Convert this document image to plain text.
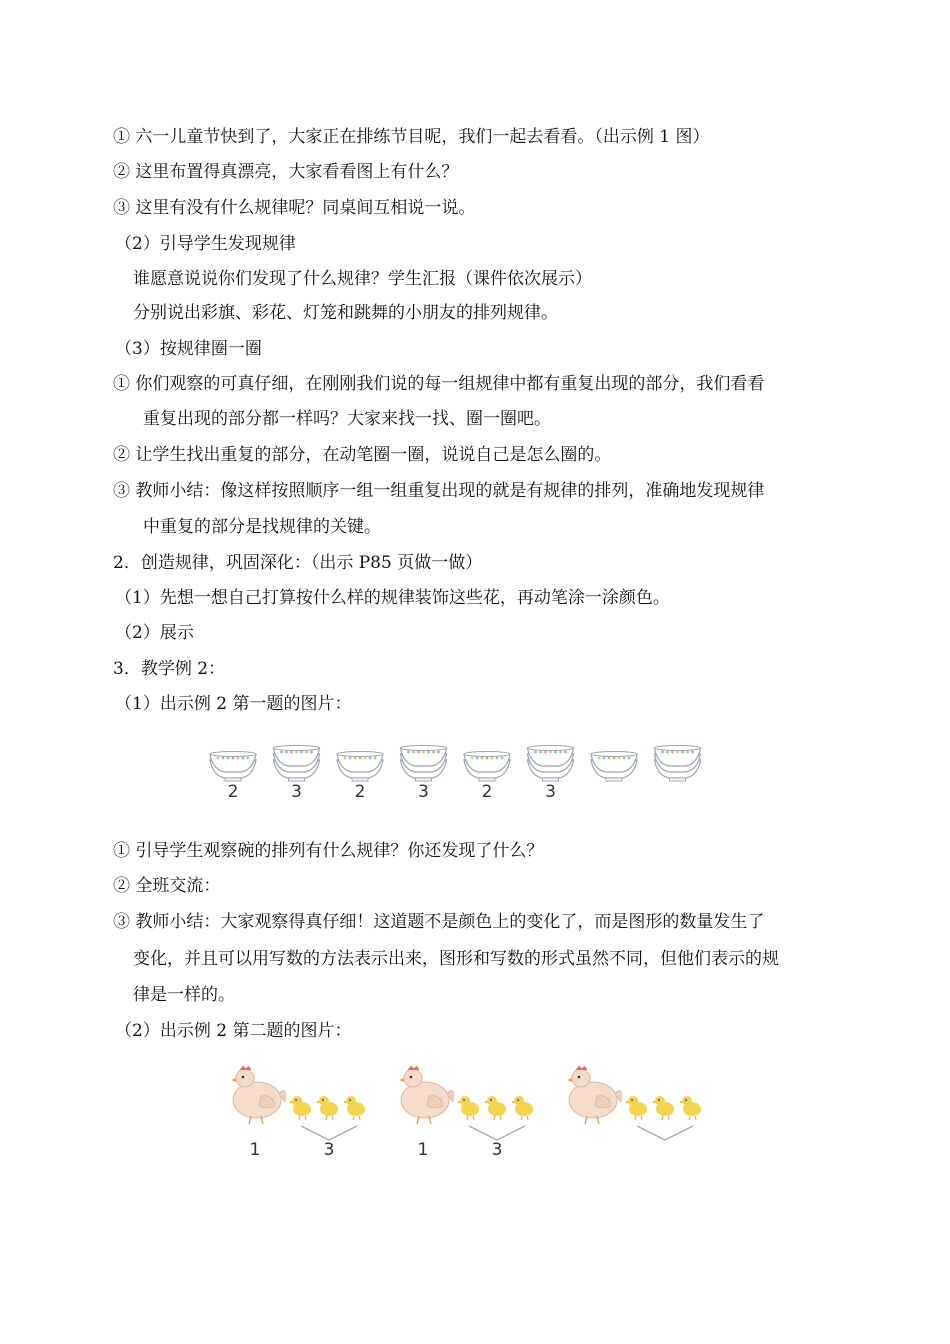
① 六一儿童节快到了，大家正在排练节目呢，我们一起去看看。（出示例 1 图）
② 这里布置得真漂亮，大家看看图上有什么？
③ 这里有没有什么规律呢？同桌间互相说一说。
（2）引导学生发现规律
谁愿意说说你们发现了什么规律？学生汇报（课件依次展示）
分别说出彩旗、彩花、灯笼和跳舞的小朋友的排列规律。
（3）按规律圈一圈
① 你们观察的可真仔细，在刚刚我们说的每一组规律中都有重复出现的部分，我们看看
重复出现的部分都一样吗？大家来找一找、圈一圈吧。
② 让学生找出重复的部分，在动笔圈一圈，说说自己是怎么圈的。
③ 教师小结：像这样按照顺序一组一组重复出现的就是有规律的排列，准确地发现规律
中重复的部分是找规律的关键。
2．创造规律，巩固深化：（出示 P85 页做一做）
（1）先想一想自己打算按什么样的规律装饰这些花，再动笔涂一涂颜色。
（2）展示
3．教学例 2：
（1）出示例 2 第一题的图片：
2	3	2	3	2	3
① 引导学生观察碗的排列有什么规律？你还发现了什么？
② 全班交流：
③ 教师小结：大家观察得真仔细！这道题不是颜色上的变化了，而是图形的数量发生了
变化，并且可以用写数的方法表示出来，图形和写数的形式虽然不同，但他们表示的规
律是一样的。
（2）出示例 2 第二题的图片：
1	3	1	3
